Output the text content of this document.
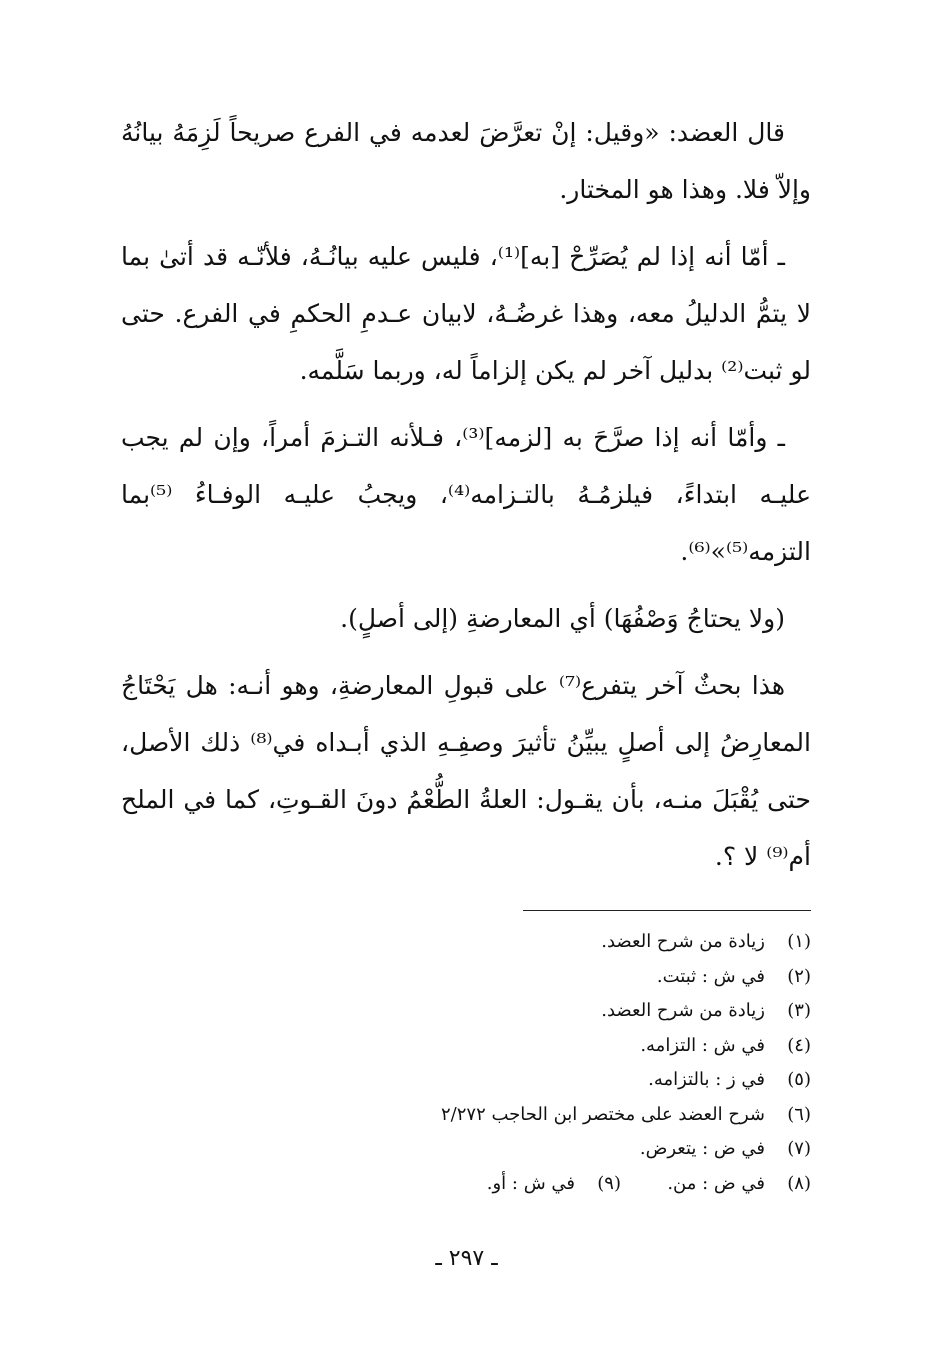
قال العضد: «وقيل: إنْ تعرَّضَ لعدمه في الفرع صريحاً لَزِمَهُ بيانُهُ وإلاّ فلا. وهذا هو المختار.

ـ أمّا أنه إذا لم يُصَرِّحْ [به]⁽¹⁾، فليس عليه بيانُـهُ، فلأنّـه قد أتىٰ بما لا يتمُّ الدليلُ معه، وهذا غرضُـهُ، لابيان عـدمِ الحكمِ في الفرع. حتى لو ثبت⁽²⁾ بدليل آخر لم يكن إلزاماً له، وربما سَلَّمه.

ـ وأمّا أنه إذا صرَّحَ به [لزمه]⁽³⁾، فـلأنه التـزمَ أمراً، وإن لم يجب عليـه ابتداءً، فيلزمُـهُ بالتـزامه⁽⁴⁾، ويجبُ عليـه الوفـاءُ ⁽⁵⁾بما التزمه⁽⁵⁾»⁽⁶⁾.

(ولا يحتاجُ وَصْفُهَا) أي المعارضةِ (إلى أصلٍ).

هذا بحثٌ آخر يتفرع⁽⁷⁾ على قبولِ المعارضةِ، وهو أنـه: هل يَحْتَاجُ المعارِضُ إلى أصلٍ يبيِّنُ تأثيرَ وصفِـهِ الذي أبـداه في⁽⁸⁾ ذلك الأصل، حتى يُقْبَلَ منـه، بأن يقـول: العلةُ الطُّعْمُ دونَ القـوتِ، كما في الملح أم⁽⁹⁾ لا ؟.

(١)
زيادة من شرح العضد.
(٢)
في ش : ثبتت.
(٣)
زيادة من شرح العضد.
(٤)
في ش : التزامه.
(٥)
في ز : بالتزامه.
(٦)
شرح العضد على مختصر ابن الحاجب ٢/٢٧٢
(٧)
في ض : يتعرض.
(٨)
في ض : من.
(٩)
في ش : أو.
ـ ٢٩٧ ـ
